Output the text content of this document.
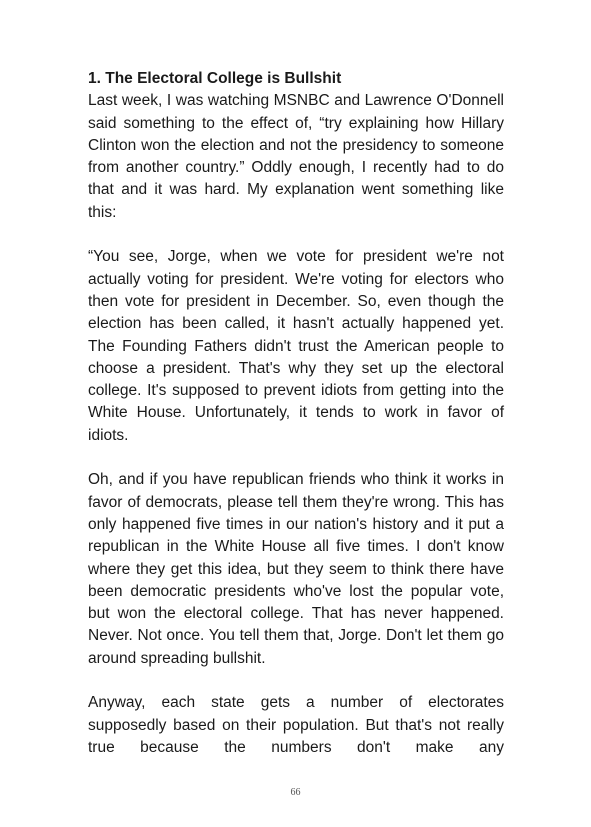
1. The Electoral College is Bullshit

Last week, I was watching MSNBC and Lawrence O'Donnell said something to the effect of, “try explaining how Hillary Clinton won the election and not the presidency to someone from another country.” Oddly enough, I recently had to do that and it was hard. My explanation went something like this:

“You see, Jorge, when we vote for president we're not actually voting for president. We're voting for electors who then vote for president in December. So, even though the election has been called, it hasn't actually happened yet. The Founding Fathers didn't trust the American people to choose a president. That's why they set up the electoral college. It's supposed to prevent idiots from getting into the White House. Unfortunately, it tends to work in favor of idiots.

Oh, and if you have republican friends who think it works in favor of democrats, please tell them they're wrong. This has only happened five times in our nation's history and it put a republican in the White House all five times. I don't know where they get this idea, but they seem to think there have been democratic presidents who've lost the popular vote, but won the electoral college. That has never happened. Never. Not once. You tell them that, Jorge. Don't let them go around spreading bullshit.

Anyway, each state gets a number of electorates supposedly based on their population. But that's not really true because the numbers don't make any

66
